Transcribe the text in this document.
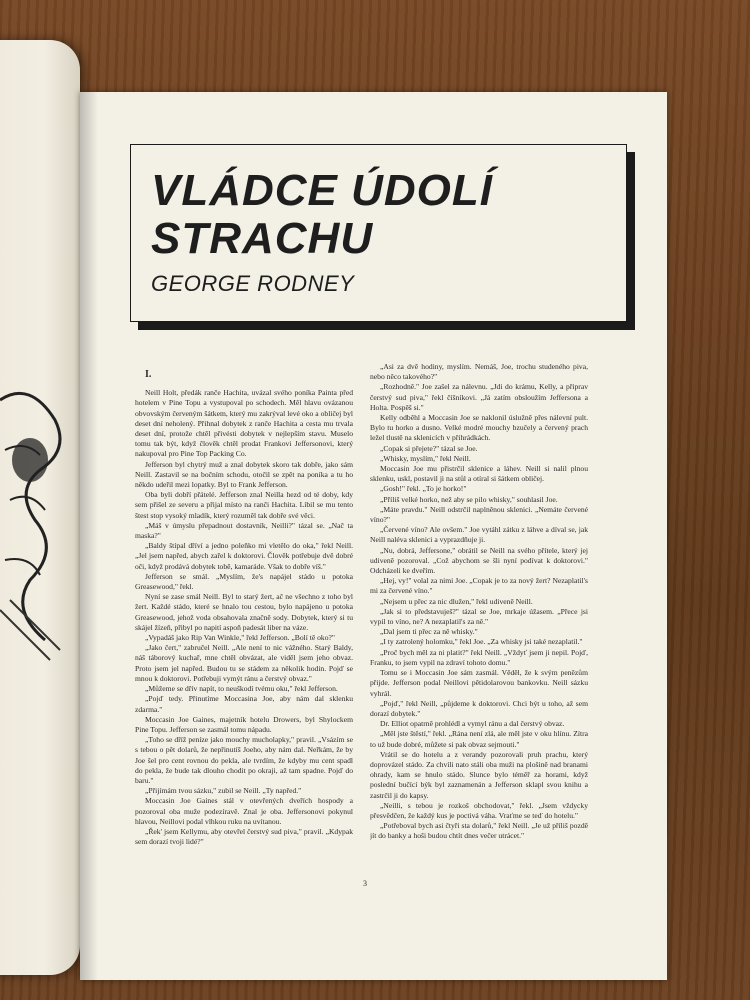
VLÁDCE ÚDOLÍ
STRACHU
GEORGE RODNEY

I.

Neill Holt, předák ranče Hachita, uvázal svého poníka Painta před hotelem v Pine Topu a vystupoval po schodech. Měl hlavu ovázanou obvovským červeným šátkem, který mu zakrýval levé oko a obličej byl deset dní neholený. Přihnal dobytek z ranče Hachita a cesta mu trvala deset dní, protože chtěl přivésti dobytek v nejlepším stavu. Muselo tomu tak být, když člověk chtěl prodat Frankovi Jeffersonovi, který nakupoval pro Pine Top Packing Co.

Jefferson byl chytrý muž a znal dobytek skoro tak dobře, jako sám Neill. Zastavil se na bočním schodu, otočil se zpět na poníka a tu ho někdo udeřil mezi lopatky. Byl to Frank Jefferson.

Oba byli dobří přátelé. Jefferson znal Neilla hezd od té doby, kdy sem přišel ze severu a přijal místo na ranči Hachita. Líbil se mu tento štest stop vysoký mladík, který rozuměl tak dobře své věci.

„Máš v úmyslu přepadnout dostavník, Neilli?" tázal se. „Nač ta maska?"

„Baldy štípal dříví a jedno poleňko mi vletělo do oka," řekl Neill. „Jel jsem napřed, abych zařel k doktorovi. Člověk potřebuje dvě dobré oči, když prodává dobytek tobě, kamaráde. Však to dobře víš."

Jefferson se smál. „Myslím, že's napájel stádo u potoka Greasewood," řekl.

Nyní se zase smál Neill. Byl to starý žert, ač ne všechno z toho byl žert. Každé stádo, které se hnalo tou cestou, bylo napájeno u potoka Greasewood, jehož voda obsahovala značně sody. Dobytek, který si tu skájel žízeň, přibyl po napití aspoň padesát liber na váze.

„Vypadáš jako Rip Van Winkle," řekl Jefferson. „Bolí tě oko?"

„Jako čert," zabručel Neill. „Ale není to nic vážného. Starý Baldy, náš táborový kuchař, mne chtěl obvázat, ale viděl jsem jeho obvaz. Proto jsem jel napřed. Budou tu se stádem za několik hodin. Pojď se mnou k doktorovi. Potřebuji vymýt ránu a čerstvý obvaz."

„Můžeme se dřív napít, to neuškodí tvému oku," řekl Jefferson.

„Pojď tedy. Přinutíme Moccasina Joe, aby nám dal sklenku zdarma."

Moccasin Joe Gaines, majetník hotelu Drowers, byl Shylockem Pine Topu. Jefferson se zasmál tomu nápadu.

„Toho se dříž peníze jako mouchy mucholapky," pravil. „Vsázím se s tebou o pět dolarů, že nepřinutíš Joeho, aby nám dal. Neřkám, že by Joe šel pro cent rovnou do pekla, ale tvrdím, že kdyby mu cent spadl do pekla, že bude tak dlouho chodit po okraji, až tam spadne. Pojď do baru."

„Přijímám tvou sázku," zubil se Neill. „Ty napřed."

Moccasin Joe Gaines stál v otevřených dveřích hospody a pozoroval oba muže podezíravě. Znal je oba. Jeffersonovi pokynul hlavou, Neillovi podal vlhkou ruku na uvítanou.

„Řek' jsem Kellymu, aby otevřel čerstvý sud piva," pravil. „Kdypak sem dorazí tvoji lidé?"

„Asi za dvě hodiny, myslím. Nemáš, Joe, trochu studeného piva, nebo něco takového?"

„Rozhodně." Joe zašel za nálevnu. „Jdi do krámu, Kelly, a připrav čerstvý sud piva," řekl číšníkovi. „Já zatím obsloužím Jeffersona a Holta. Pospěš si."

Kelly odběhl a Moccasin Joe se naklonil úslužně přes nálevní pult. Bylo tu horko a dusno. Velké modré mouchy bzučely a červený prach ležel tlustě na sklenicích v přihrádkách.

„Copak si přejete?" tázal se Joe.

„Whisky, myslím," řekl Neill.

Moccasin Joe mu přistrčil sklenice a láhev. Neill si nalil plnou sklenku, uskl, postavil ji na stůl a otíral si šátkem obličej.

„Gosh!" řekl. „To je horko!"

„Příliš velké horko, než aby se pilo whisky," souhlasil Joe.

„Máte pravdu." Neill odstrčil naplněnou sklenici. „Nemáte červené víno?"

„Červené víno? Ale ovšem." Joe vytáhl zátku z láhve a díval se, jak Neill naléva sklenici a vyprazdňuje ji.

„Nu, dobrá, Jeffersone," obrátil se Neill na svého přítele, který jej udiveně pozoroval. „Což abychom se šli nyní podívat k doktorovi." Odcházeli ke dveřím.

„Hej, vy!" volal za nimi Joe. „Copak je to za nový žert? Nezaplatil's mi za červené víno."

„Nejsem u přec za nic dlužen," řekl udiveně Neill.

„Jak si to představuješ?" tázal se Joe, mrkaje úžasem. „Přece jsi vypil to víno, ne? A nezaplatil's za ně."

„Dal jsem ti přec za ně whisky."

„I ty zatrolený holomku," řekl Joe. „Za whisky jsi také nezaplatil."

„Proč bych měl za ni platit?" řekl Neill. „Vždyť jsem ji nepil. Pojď, Franku, to jsem vypil na zdraví tohoto domu."

Tomu se i Moccasin Joe sám zasmál. Věděl, že k svým penězům přijde. Jefferson podal Neillovi pětidolarovou bankovku. Neill sázku vyhrál.

„Pojď," řekl Neill, „půjdeme k doktorovi. Chci být u toho, až sem dorazí dobytek."

Dr. Elliot opatrně prohlédl a vymyl ránu a dal čerstvý obvaz.

„Měl jste štěstí," řekl. „Rána není zlá, ale měl jste v oku hlínu. Zítra to už bude dobré, můžete si pak obvaz sejmouti."

Vrátil se do hotelu a z verandy pozorovali pruh prachu, který doprovázel stádo. Za chvíli nato stáli oba muži na plošině nad branami ohrady, kam se hnulo stádo. Slunce bylo téměř za horami, když poslední bučící býk byl zaznamenán a Jefferson sklapl svou knihu a zastrčil ji do kapsy.

„Neilli, s tebou je rozkoš obchodovat," řekl. „Jsem vždycky přesvědčen, že každý kus je poctivá váha. Vraťme se teď do hotelu."

„Potřeboval bych asi čtyři sta dolarů," řekl Neill. „Je už příliš pozdě jít do banky a hoši budou chtít dnes večer utrácet."

3
